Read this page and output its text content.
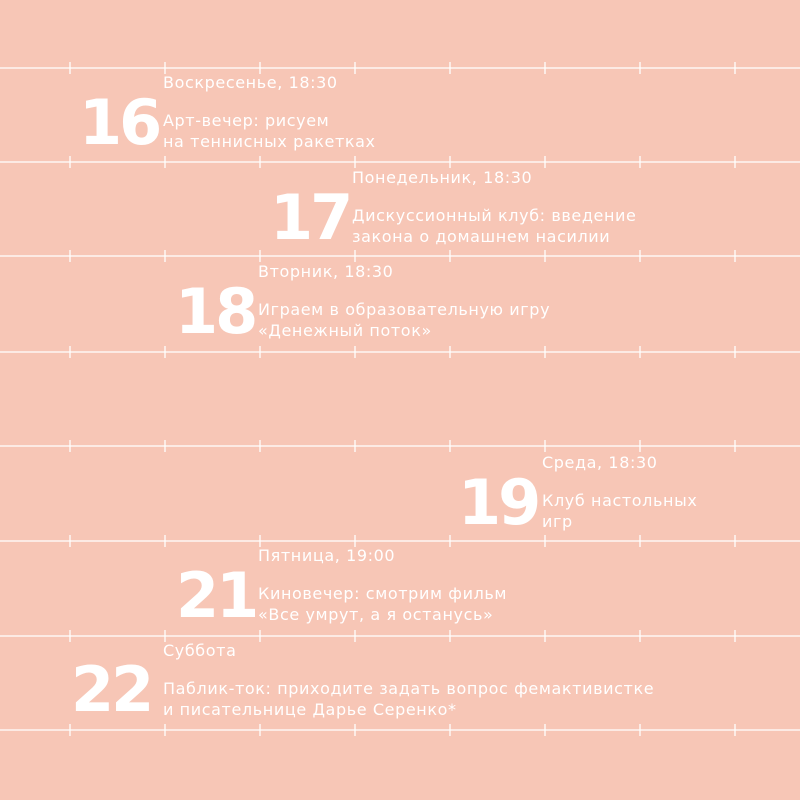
16
Воскресенье, 18:30
Арт-вечер: рисуем
на теннисных ракетках
17
Понедельник, 18:30
Дискуссионный клуб: введение
закона о домашнем насилии
18
Вторник, 18:30
Играем в образовательную игру
«Денежный поток»
19
Среда, 18:30
Клуб настольных
игр
21
Пятница, 19:00
Киновечер: смотрим фильм
«Все умрут, а я останусь»
22
Суббота
Паблик-ток: приходите задать вопрос фемактивистке
и писательнице Дарье Серенко*
